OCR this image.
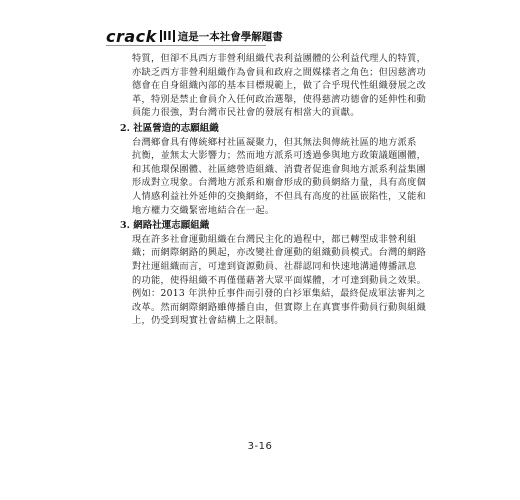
crack II 這是一本社會學解題書
特質，但卻不具西方非營利組織代表利益團體的公利益代理人的特質，
亦缺乏西方非營利組織作為會員和政府之間媒樣者之角色；但因慈濟功
德會在自身組織內部的基本目標規範上，做了合乎現代性組織發展之改
革，特別是禁止會員介入任何政治選舉，使得慈濟功德會的延伸性和動
員能力很強，對台灣市民社會的發展有相當大的貢獻。
2. 社區營造的志願組織
台灣鄉會具有傳統鄉村社區凝聚力，但其無法與傳統社區的地方派系
抗衡，並無太大影響力；然而地方派系可透過參與地方政策議題團體，
和其他環保團體、社區總營造組織、消費者促進會與地方派系利益集團
形成對立現象。台灣地方派系和廟會形成的動員網絡力量，具有高度個
人情感利益社外延伸的交換網絡，不但具有高度的社區嵌陷性，又能和
地方權力交織緊密地結合在一起。
3. 網路社運志願組織
現在許多社會運動組織在台灣民主化的過程中，都已轉型成非營利組
織；而網際網路的興起，亦改變社會運動的組織動員模式。台灣的網路
對社運組織而言，可達到資源動員、社群認同和快速地溝通傳播訊息
的功能，使得組織不再僅僅藉著大眾平面媒體，才可達到動員之效果。
例如：2013 年洪仲丘事件而引發的白衫軍集結，最終促成軍法審判之
改革。然而網際網路雖傳播自由，但實際上在真實事件動員行動與組織
上，仍受到現實社會結構上之限制。
3-16
